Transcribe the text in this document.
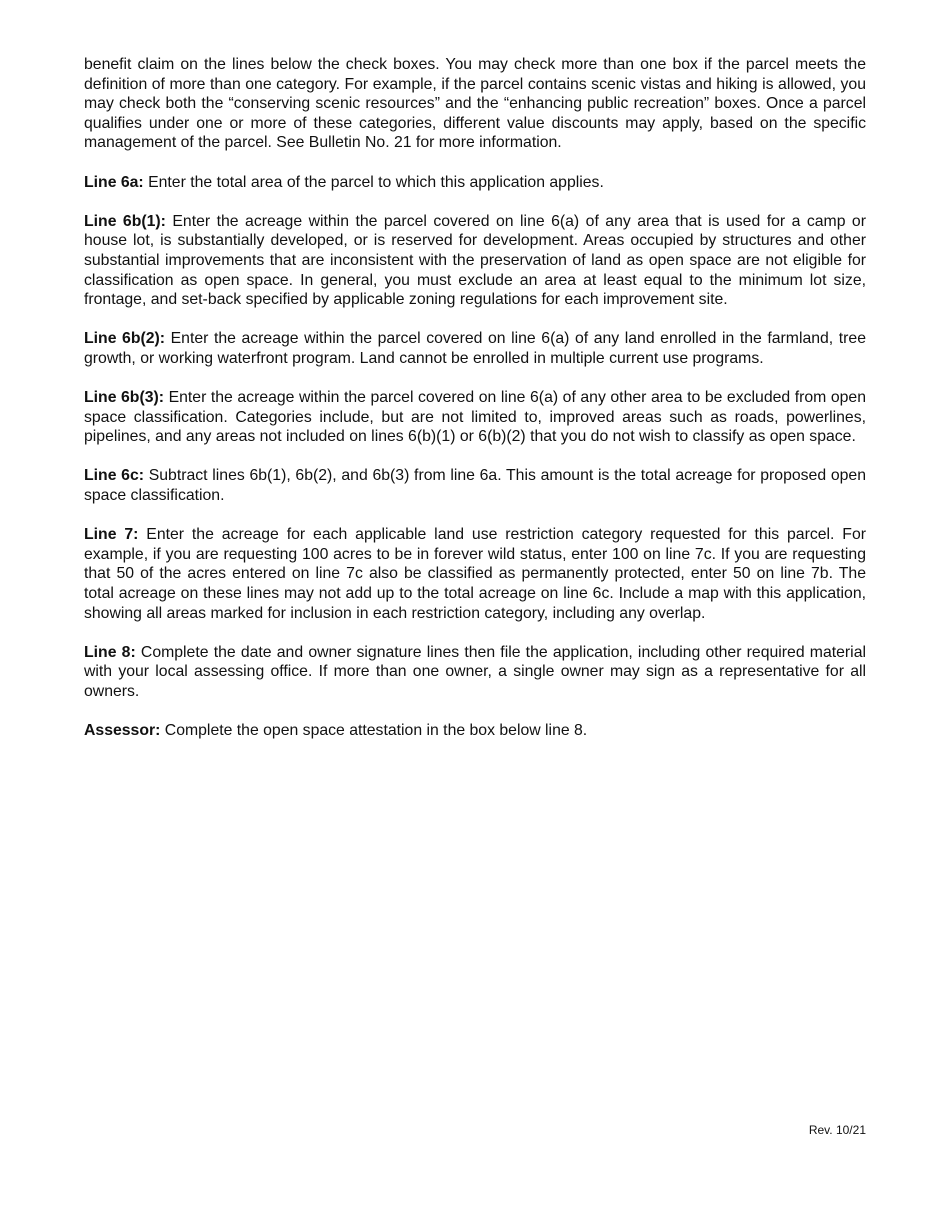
benefit claim on the lines below the check boxes. You may check more than one box if the parcel meets the definition of more than one category. For example, if the parcel contains scenic vistas and hiking is allowed, you may check both the “conserving scenic resources” and the “enhancing public recreation” boxes. Once a parcel qualifies under one or more of these categories, different value discounts may apply, based on the specific management of the parcel. See Bulletin No. 21 for more information.

Line 6a: Enter the total area of the parcel to which this application applies.

Line 6b(1): Enter the acreage within the parcel covered on line 6(a) of any area that is used for a camp or house lot, is substantially developed, or is reserved for development. Areas occupied by structures and other substantial improvements that are inconsistent with the preservation of land as open space are not eligible for classification as open space. In general, you must exclude an area at least equal to the minimum lot size, frontage, and set-back specified by applicable zoning regulations for each improvement site.

Line 6b(2): Enter the acreage within the parcel covered on line 6(a) of any land enrolled in the farmland, tree growth, or working waterfront program. Land cannot be enrolled in multiple current use programs.

Line 6b(3): Enter the acreage within the parcel covered on line 6(a) of any other area to be excluded from open space classification. Categories include, but are not limited to, improved areas such as roads, powerlines, pipelines, and any areas not included on lines 6(b)(1) or 6(b)(2) that you do not wish to classify as open space.

Line 6c: Subtract lines 6b(1), 6b(2), and 6b(3) from line 6a. This amount is the total acreage for proposed open space classification.

Line 7: Enter the acreage for each applicable land use restriction category requested for this parcel. For example, if you are requesting 100 acres to be in forever wild status, enter 100 on line 7c. If you are requesting that 50 of the acres entered on line 7c also be classified as permanently protected, enter 50 on line 7b. The total acreage on these lines may not add up to the total acreage on line 6c. Include a map with this application, showing all areas marked for inclusion in each restriction category, including any overlap.

Line 8: Complete the date and owner signature lines then file the application, including other required material with your local assessing office. If more than one owner, a single owner may sign as a representative for all owners.

Assessor: Complete the open space attestation in the box below line 8.

Rev. 10/21
